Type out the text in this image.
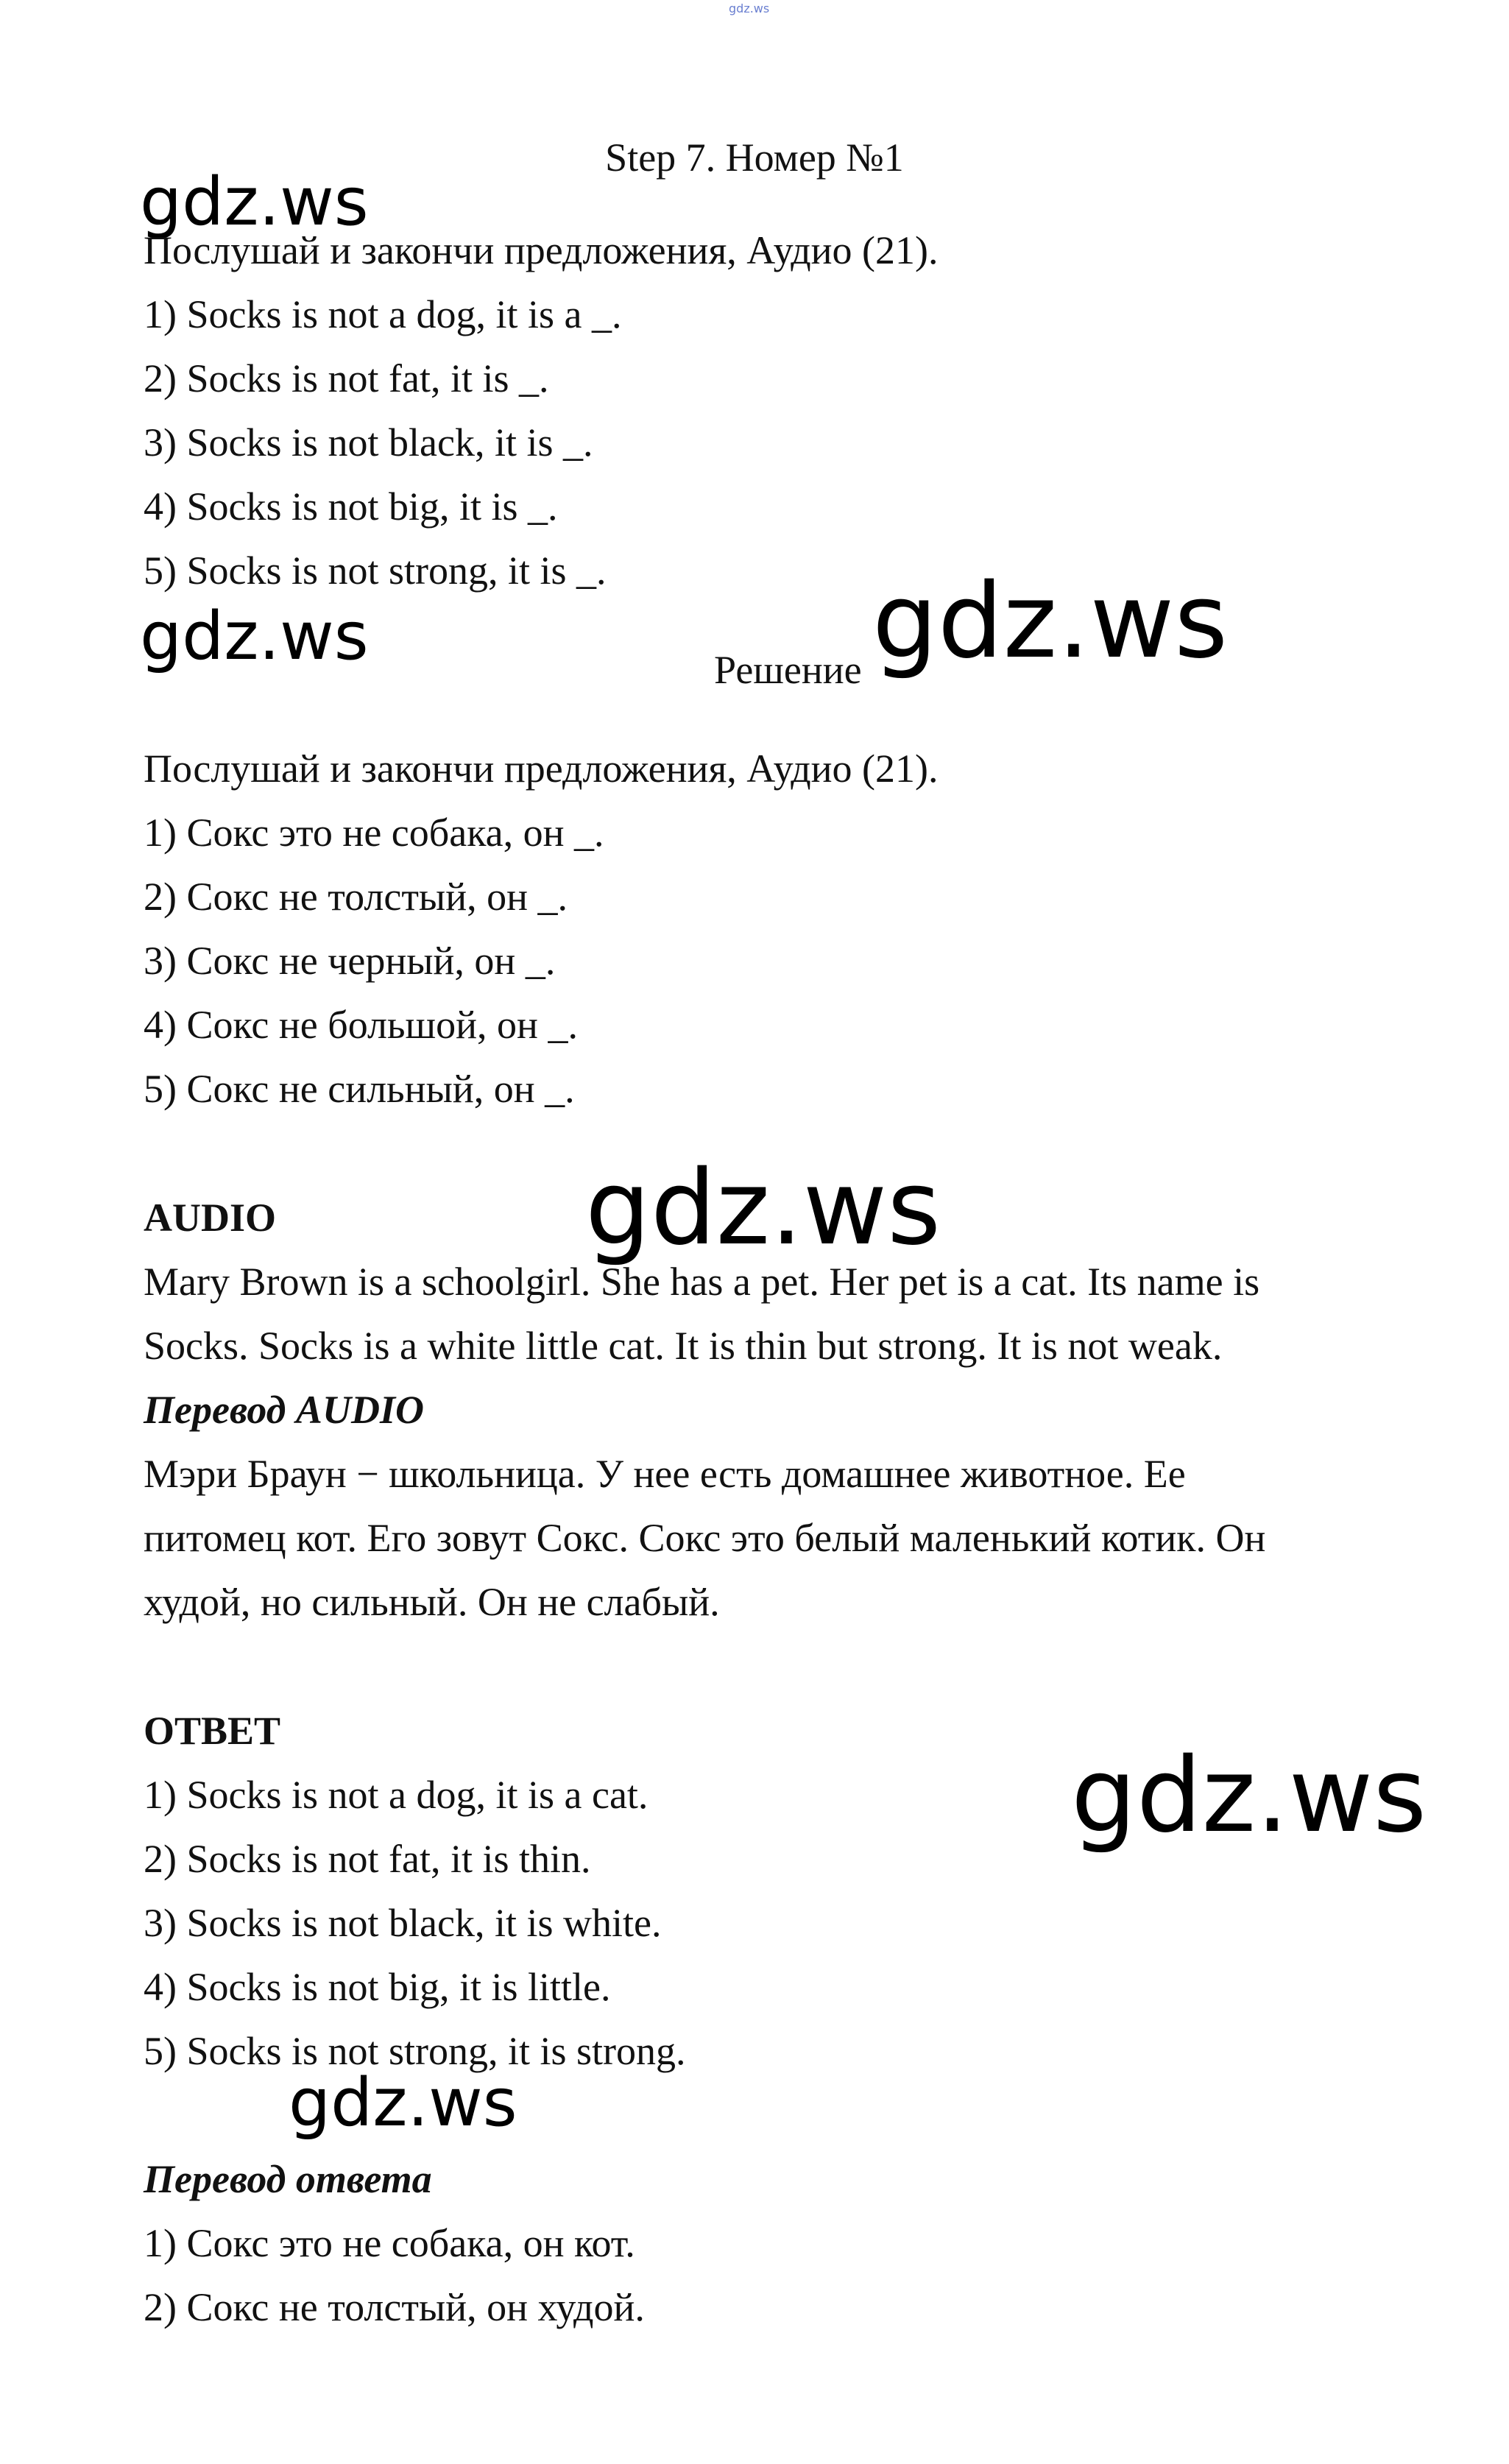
gdz.ws
Step 7. Номер №1
gdz.ws
Послушай и закончи предложения, Аудио (21).
1) Socks is not a dog, it is a _.
2) Socks is not fat, it is _.
3) Socks is not black, it is _.
4) Socks is not big, it is _.
5) Socks is not strong, it is _.
gdz.ws	gdz.ws
Решение
Послушай и закончи предложения, Аудио (21).
1) Сокс это не собака, он _.
2) Сокс не толстый, он _.
3) Сокс не черный, он _.
4) Сокс не большой, он _.
5) Сокс не сильный, он _.
AUDIO	gdz.ws
Mary Brown is a schoolgirl. She has a pet. Her pet is a cat. Its name is
Socks. Socks is a white little cat. It is thin but strong. It is not weak.
Перевод AUDIO
Мэри Браун − школьница. У нее есть домашнее животное. Ее
питомец кот. Его зовут Сокс. Сокс это белый маленький котик. Он
худой, но сильный. Он не слабый.
ОТВЕТ
1) Socks is not a dog, it is a cat.	gdz.ws
2) Socks is not fat, it is thin.
3) Socks is not black, it is white.
4) Socks is not big, it is little.
5) Socks is not strong, it is strong.
gdz.ws
Перевод ответа
1) Сокс это не собака, он кот.
2) Сокс не толстый, он худой.
